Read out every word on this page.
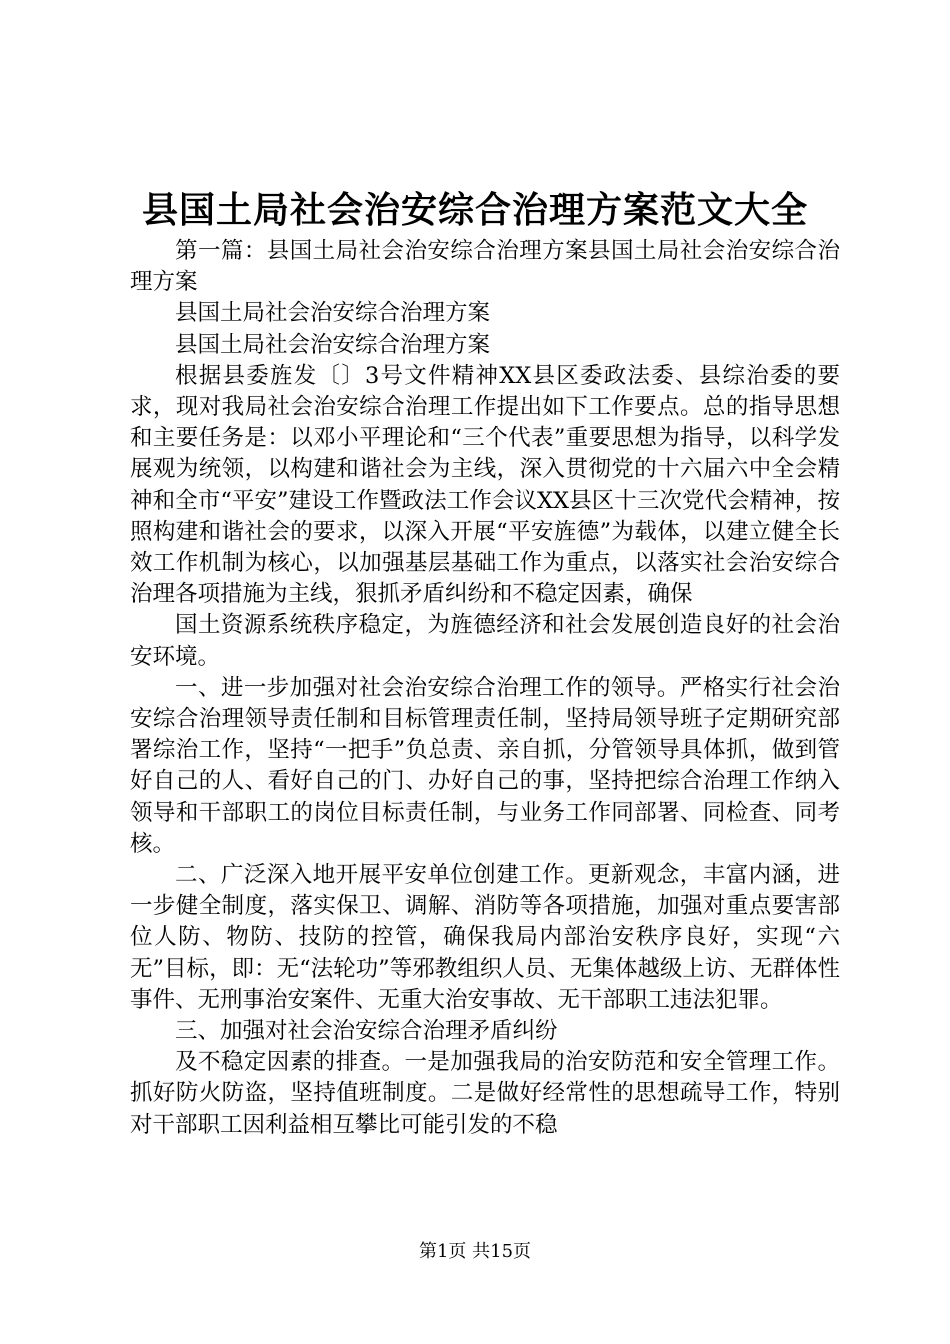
县国土局社会治安综合治理方案范文大全

第一篇：县国土局社会治安综合治理方案县国土局社会治安综合治理方案

县国土局社会治安综合治理方案

县国土局社会治安综合治理方案

根据县委旌发〔〕3号文件精神XX县区委政法委、县综治委的要求，现对我局社会治安综合治理工作提出如下工作要点。总的指导思想和主要任务是：以邓小平理论和“三个代表”重要思想为指导，以科学发展观为统领，以构建和谐社会为主线，深入贯彻党的十六届六中全会精神和全市“平安”建设工作暨政法工作会议XX县区十三次党代会精神，按照构建和谐社会的要求，以深入开展“平安旌德”为载体，以建立健全长效工作机制为核心，以加强基层基础工作为重点，以落实社会治安综合治理各项措施为主线，狠抓矛盾纠纷和不稳定因素，确保

国土资源系统秩序稳定，为旌德经济和社会发展创造良好的社会治安环境。

一、进一步加强对社会治安综合治理工作的领导。严格实行社会治安综合治理领导责任制和目标管理责任制，坚持局领导班子定期研究部署综治工作，坚持“一把手”负总责、亲自抓，分管领导具体抓，做到管好自己的人、看好自己的门、办好自己的事，坚持把综合治理工作纳入领导和干部职工的岗位目标责任制，与业务工作同部署、同检查、同考核。

二、广泛深入地开展平安单位创建工作。更新观念，丰富内涵，进一步健全制度，落实保卫、调解、消防等各项措施，加强对重点要害部位人防、物防、技防的控管，确保我局内部治安秩序良好，实现“六无”目标，即：无“法轮功”等邪教组织人员、无集体越级上访、无群体性事件、无刑事治安案件、无重大治安事故、无干部职工违法犯罪。

三、加强对社会治安综合治理矛盾纠纷

及不稳定因素的排查。一是加强我局的治安防范和安全管理工作。抓好防火防盗，坚持值班制度。二是做好经常性的思想疏导工作，特别对干部职工因利益相互攀比可能引发的不稳

第1页 共15页
